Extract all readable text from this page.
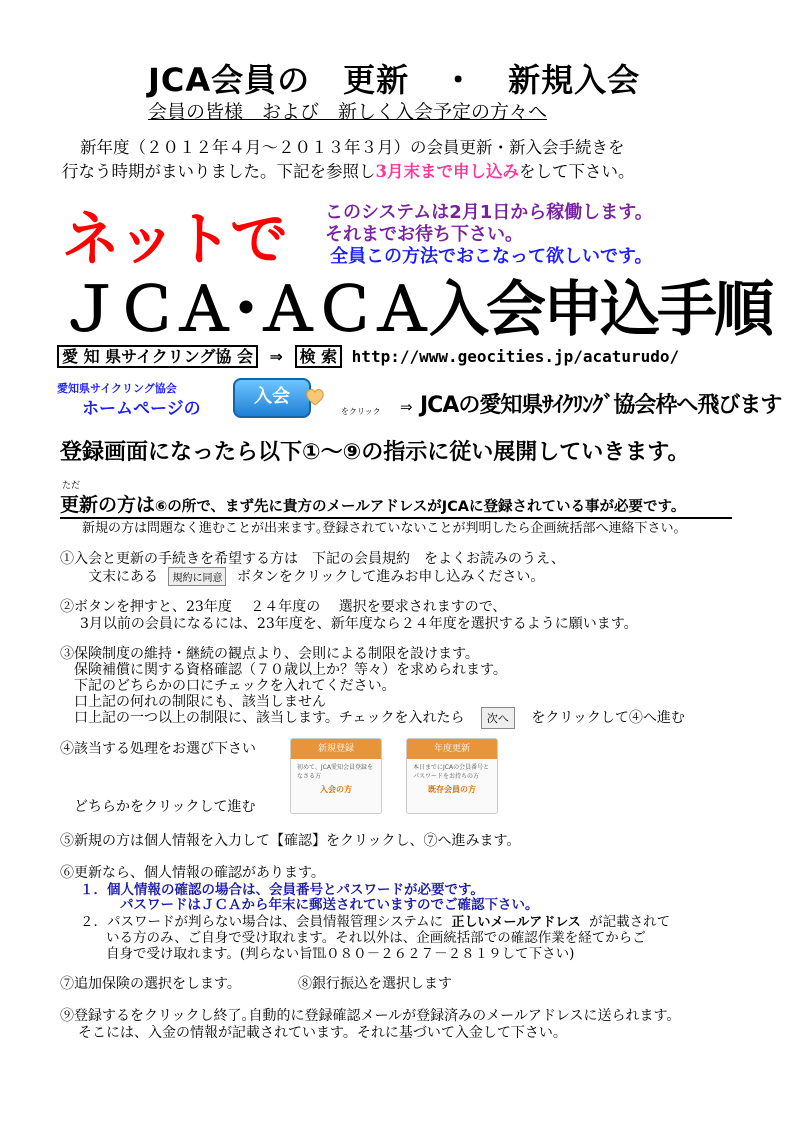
JCA会員の　更新　・　新規入会
会員の皆様　および　新しく入会予定の方々へ
新年度（２０１２年４月～２０１３年３月）の会員更新・新入会手続きを
行なう時期がまいりました。下記を参照し3月末まで申し込みをして下さい。
ネットで このシステムは2月1日から稼働します。
それまでお待ち下さい。
全員この方法でおこなって欲しいです。
ＪＣＡ･ＡＣＡ入会申込手順
愛 知 県サイクリング協 会 ⇒ 検 索 http://www.geocities.jp/acaturudo/
愛知県サイクリング協会
ホームページの
入会
をクリック ⇒ JCAの愛知県ｻｲｸﾘﾝｸﾞ協会枠へ飛びます
登録画面になったら以下①～⑨の指示に従い展開していきます。
ただ
更新の方は⑥の所で、まず先に貴方のメールアドレスがJCAに登録されている事が必要です。
新規の方は問題なく進むことが出来ます｡登録されていないことが判明したら企画統括部へ連絡下さい。
①入会と更新の手続きを希望する方は　下記の会員規約　をよくお読みのうえ、
文末にある 規約に同意 ボタンをクリックして進みお申し込みください。
②ボタンを押すと、23年度　 ２４年度の　 選択を要求されますので、
3月以前の会員になるには、23年度を、新年度なら２４年度を選択するように願います。
③保険制度の維持・継続の観点より、会則による制限を設けます。
保険補償に関する資格確認（７０歳以上か？等々）を求められます。
下記のどちらかの口にチェックを入れてください。
口上記の何れの制限にも、該当しません
口上記の一つ以上の制限に、該当します。チェックを入れたら 次へ をクリックして④へ進む
④該当する処理をお選び下さい
どちらかをクリックして進む
新規登録
初めて、JCA愛知会員登録をなさる方
入会の方
年度更新
本日までにJCAの会員番号とパスワードをお持ちの方
既存会員の方
⑤新規の方は個人情報を入力して【確認】をクリックし、⑦へ進みます。
⑥更新なら、個人情報の確認があります。
１．個人情報の確認の場合は、会員番号とパスワードが必要です。
パスワードはＪＣＡから年末に郵送されていますのでご確認下さい。
２．パスワードが判らない場合は、会員情報管理システムに 正しいメールアドレス が記載されて
いる方のみ、ご自身で受け取れます。それ以外は、企画統括部での確認作業を経てからご
自身で受け取れます。(判らない旨℡０８０－２６２７－２８１９して下さい)
⑦追加保険の選択をします。	⑧銀行振込を選択します
⑨登録するをクリックし終了｡自動的に登録確認メールが登録済みのメールアドレスに送られます。
そこには、入金の情報が記載されています。それに基づいて入金して下さい。
